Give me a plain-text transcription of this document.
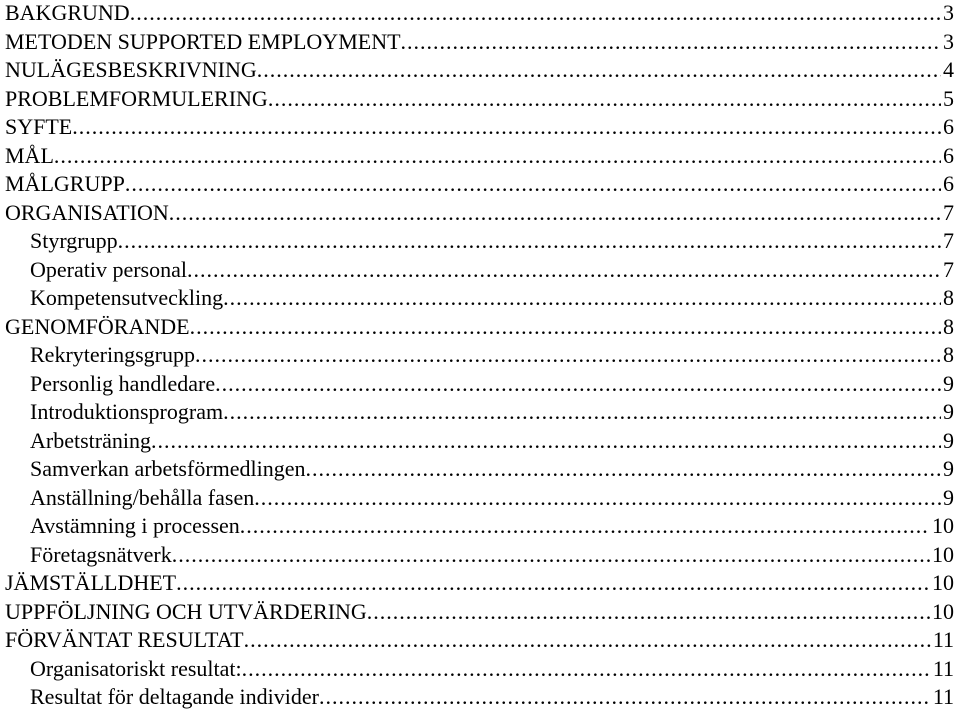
BAKGRUND .....	3
METODEN SUPPORTED EMPLOYMENT .....	3
NULÄGESBESKRIVNING .....	4
PROBLEMFORMULERING .....	5
SYFTE .....	6
MÅL .....	6
MÅLGRUPP .....	6
ORGANISATION .....	7
Styrgrupp .....	7
Operativ personal .....	7
Kompetensutveckling .....	8
GENOMFÖRANDE .....	8
Rekryteringsgrupp .....	8
Personlig handledare .....	9
Introduktionsprogram .....	9
Arbetsträning .....	9
Samverkan arbetsförmedlingen .....	9
Anställning/behålla fasen .....	9
Avstämning i processen .....	10
Företagsnätverk .....	10
JÄMSTÄLLDHET .....	10
UPPFÖLJNING OCH UTVÄRDERING .....	10
FÖRVÄNTAT RESULTAT .....	11
Organisatoriskt resultat: .....	11
Resultat för deltagande individer .....	11
